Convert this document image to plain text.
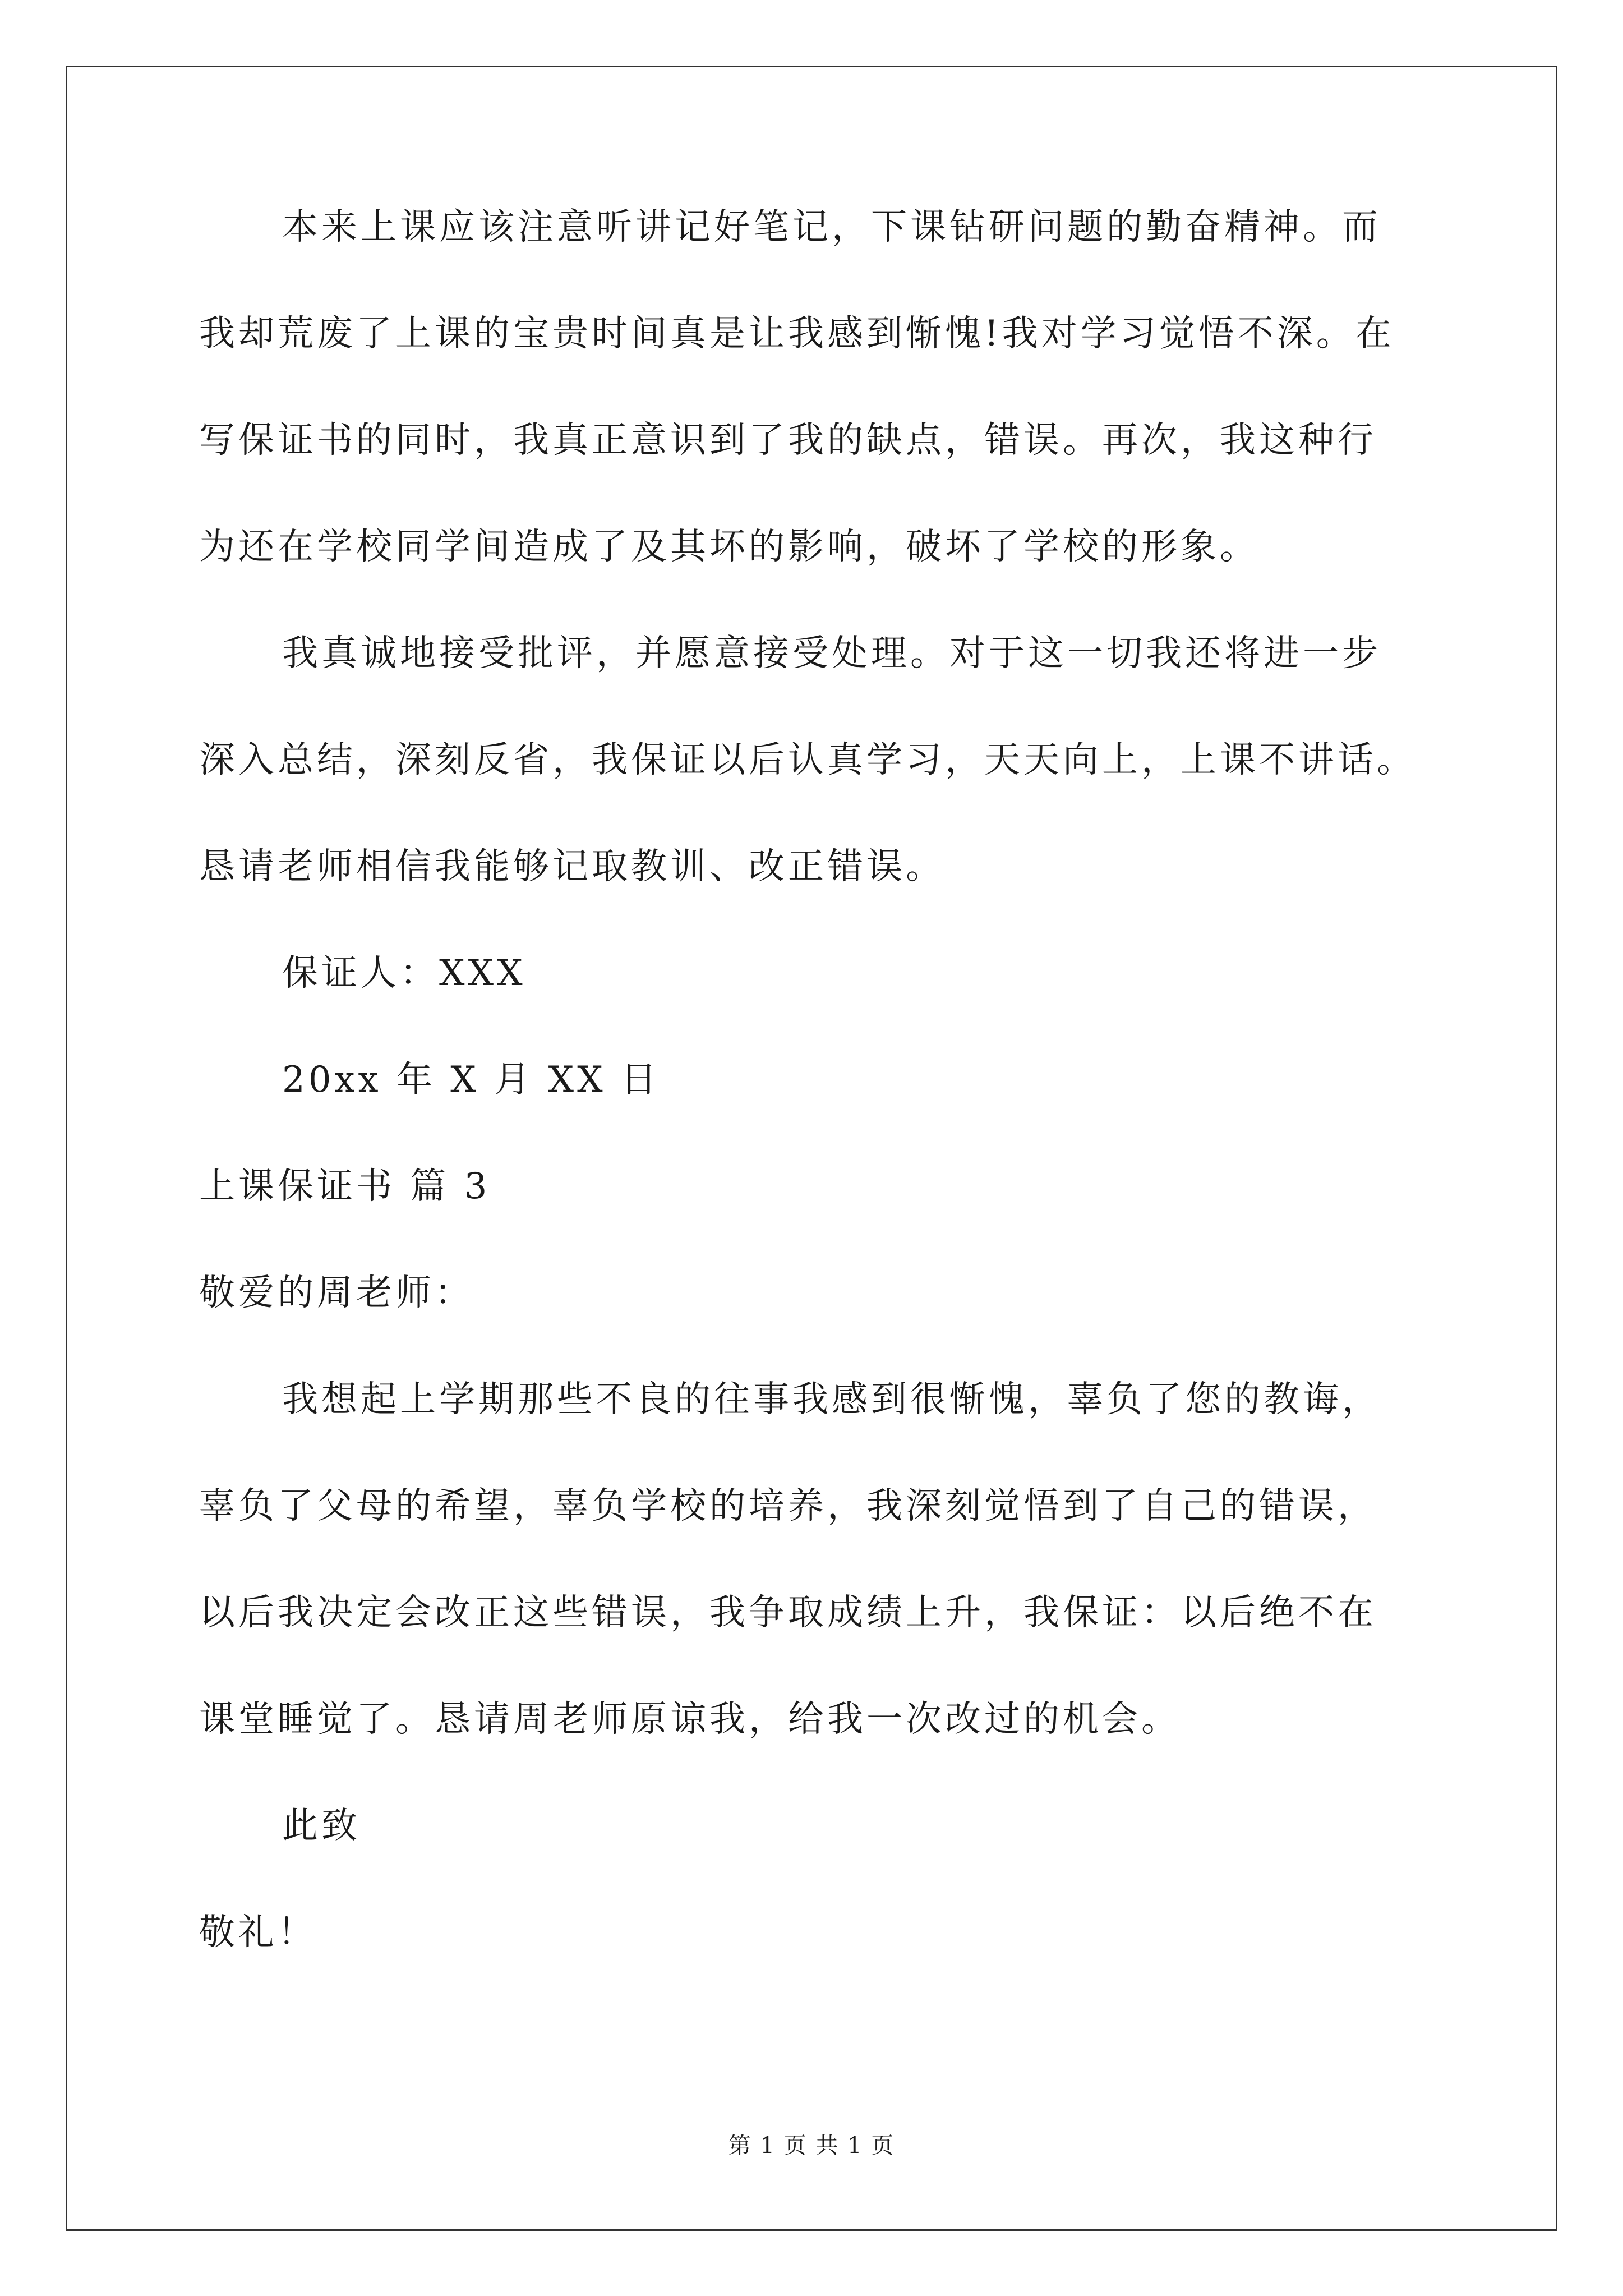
本来上课应该注意听讲记好笔记，下课钻研问题的勤奋精神。而
我却荒废了上课的宝贵时间真是让我感到惭愧!我对学习觉悟不深。在
写保证书的同时，我真正意识到了我的缺点，错误。再次，我这种行
为还在学校同学间造成了及其坏的影响，破坏了学校的形象。
我真诚地接受批评，并愿意接受处理。对于这一切我还将进一步
深入总结，深刻反省，我保证以后认真学习，天天向上，上课不讲话。
恳请老师相信我能够记取教训、改正错误。
保证人：XXX
20xx 年 X 月 XX 日
上课保证书 篇 3
敬爱的周老师：
我想起上学期那些不良的往事我感到很惭愧，辜负了您的教诲，
辜负了父母的希望，辜负学校的培养，我深刻觉悟到了自己的错误，
以后我决定会改正这些错误，我争取成绩上升，我保证：以后绝不在
课堂睡觉了。恳请周老师原谅我，给我一次改过的机会。
此致
敬礼！
第 1 页 共 1 页
